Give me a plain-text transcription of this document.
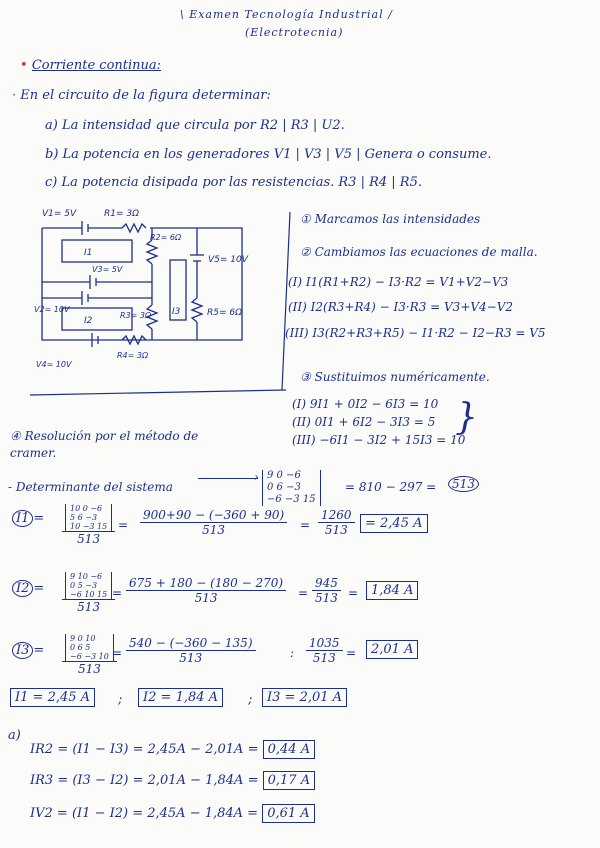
\ Examen Tecnología Industrial /
(Electrotecnia)
• Corriente continua:
· En el circuito de la figura determinar:
a) La intensidad que circula por R2 | R3 | U2.
b) La potencia en los generadores V1 | V3 | V5 | Genera o consume.
c) La potencia disipada por las resistencias. R3 | R4 | R5.
V1= 5V	R1= 3Ω
R2= 6Ω
I1
V3= 5V
V5= 10V
V2= 10V	I3
I2
R3= 3Ω	R5= 6Ω
V4= 10V
R4= 3Ω
① Marcamos las intensidades
② Cambiamos las ecuaciones de malla.
(I) I1(R1+R2) − I3·R2 = V1+V2−V3
(II) I2(R3+R4) − I3·R3 = V3+V4−V2
(III) I3(R2+R3+R5) − I1·R2 − I2−R3 = V5
③ Sustituimos numéricamente.
(I) 9I1 + 0I2 − 6I3 = 10
(II) 0I1 + 6I2 − 3I3 = 5
(III) −6I1 − 3I2 + 15I3 = 10
}
④ Resolución por el método de cramer.
- Determinante del sistema
› 9 0 −6
0 6 −3
−6 −3 15
= 810 − 297 =	513
I1 = 10 0 −6
5 6 −3
10 −3 15
$513 = \frac{900+90 - (-360 + 90)}{513} = \frac{1260}{513} = 2,45$ A
I2 = 9 10 −6
0 5 −3
−6 10 15
513
= $\frac{675 + 180 - (180 - 270)}{513} = \frac{945}{513} = 1,84$ A
I3 = 9 0 10
0 6 5
−6 −3 10
513
= $\frac{540 - (-360 - 135)}{513}$	: $\frac{1035}{513}$ =	2,01 A
I1 = 2,45 A	;	I2 = 1,84 A	;	I3 = 2,01 A
a)
IR2 = (I1 − I3) = 2,45A − 2,01A = 0,44 A
IR3 = (I3 − I2) = 2,01A − 1,84A = 0,17 A
IV2 = (I1 − I2) = 2,45A − 1,84A = 0,61 A
